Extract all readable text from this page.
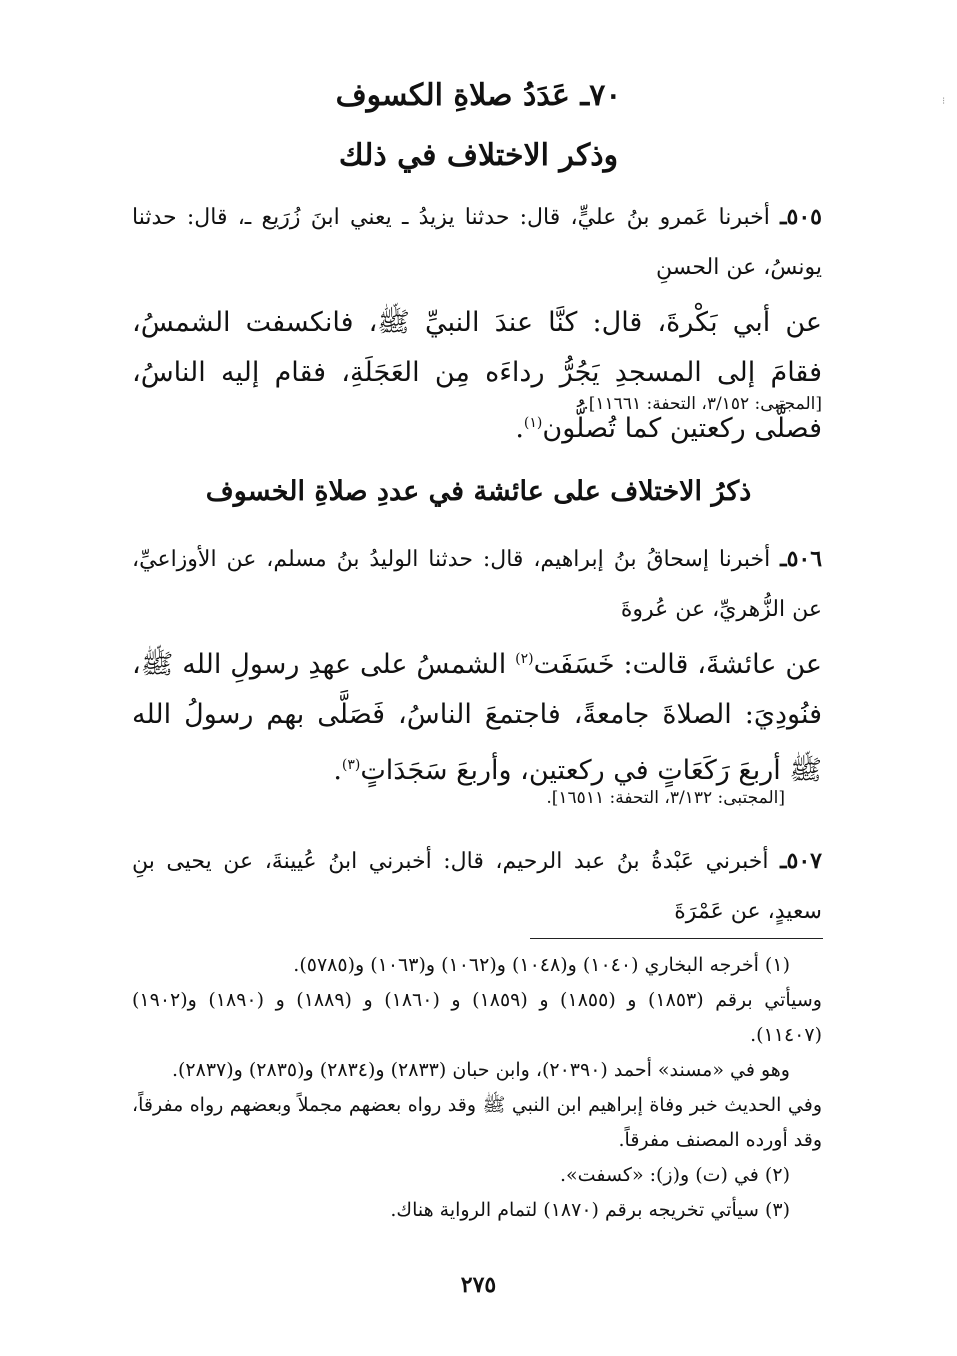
⁝
٧٠ـ عَدَدُ صلاةِ الكسوف
وذكر الاختلاف في ذلك
٥٠٥ـ أخبرنا عَمرو بنُ عليٍّ، قال: حدثنا يزيدُ ـ يعني ابنَ زُرَيع ـ، قال: حدثنا يونسُ، عن الحسنِ
عن أبي بَكْرةَ، قال: كنَّا عندَ النبيِّ ﷺ، فانكسفت الشمسُ، فقامَ إلى المسجدِ يَجُرُّ رداءَه مِن العَجَلَةِ، فقام إليه الناسُ، فصلَّى ركعتين كما تُصلُّون$^{(١)}$.
[المجتبى: ٣/١٥٢، التحفة: ١١٦٦١].
ذكرُ الاختلاف على عائشة في عددِ صلاةِ الخسوف
٥٠٦ـ أخبرنا إسحاقُ بنُ إبراهيم، قال: حدثنا الوليدُ بنُ مسلم، عن الأوزاعيِّ، عن الزُّهريِّ، عن عُروةَ
عن عائشةَ، قالت: خَسَفَت$^{(٢)}$ الشمسُ على عهدِ رسولِ الله ﷺ، فنُودِيَ: الصلاةَ جامعةً، فاجتمعَ الناسُ، فَصَلَّى بهم رسولُ الله ﷺ أربعَ رَكَعَاتٍ في ركعتين، وأربعَ سَجَدَاتٍ$^{(٣)}$.
[المجتبى: ٣/١٣٢، التحفة: ١٦٥١١].
٥٠٧ـ أخبرني عَبْدةُ بنُ عبد الرحيم، قال: أخبرني ابنُ عُيينةَ، عن يحيى بنِ سعيدٍ، عن عَمْرَةَ
(١) أخرجه البخاري (١٠٤٠) و(١٠٤٨) و(١٠٦٢) و(١٠٦٣) و(٥٧٨٥).
وسيأتي برقم (١٨٥٣) و (١٨٥٥) و (١٨٥٩) و (١٨٦٠) و (١٨٨٩) و (١٨٩٠) و(١٩٠٢) (١١٤٠٧).
وهو في «مسند» أحمد (٢٠٣٩٠)، وابن حبان (٢٨٣٣) و(٢٨٣٤) و(٢٨٣٥) و(٢٨٣٧).
وفي الحديث خبر وفاة إبراهيم ابن النبي ﷺ وقد رواه بعضهم مجملاً وبعضهم رواه مفرقاً، وقد أورده المصنف مفرقاً.
(٢) في (ت) و(ز): «كسفت».
(٣) سيأتي تخريجه برقم (١٨٧٠) لتمام الرواية هناك.
٢٧٥
